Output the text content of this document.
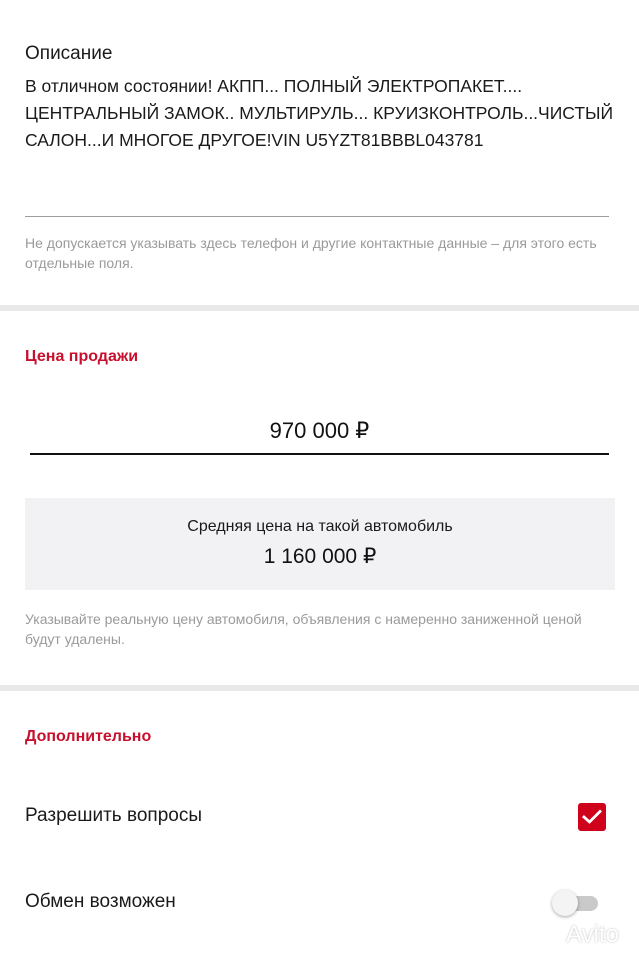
Описание
В отличном состоянии! АКПП... ПОЛНЫЙ ЭЛЕКТРОПАКЕТ.... ЦЕНТРАЛЬНЫЙ ЗАМОК.. МУЛЬТИРУЛЬ... КРУИЗКОНТРОЛЬ...ЧИСТЫЙ САЛОН...И МНОГОЕ ДРУГОЕ!VIN U5YZT81BBBL043781
Не допускается указывать здесь телефон и другие контактные данные – для этого есть отдельные поля.
Цена продажи
970 000 ₽
Средняя цена на такой автомобиль
1 160 000 ₽
Указывайте реальную цену автомобиля, объявления с намеренно заниженной ценой будут удалены.
Дополнительно
Разрешить вопросы
Обмен возможен
Avito
